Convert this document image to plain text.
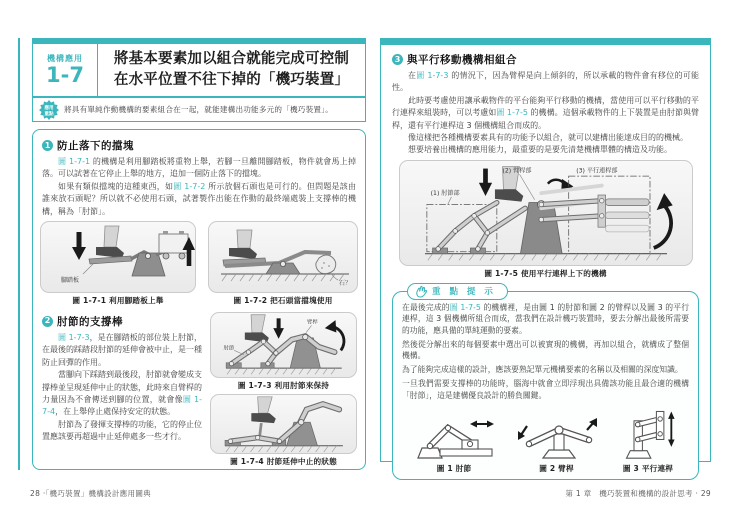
機構應用
1-7
將基本要素加以組合就能完成可控制
在水平位置不往下掉的「機巧裝置」
應用
重點 將具有單純作動機構的要素組合在一起，就能建構出功能多元的「機巧裝置」。
1 防止落下的擋塊

圖 1-7-1 的機構是利用腳踏板將重物上舉，若腳一旦離開腳踏板，物件就會馬上掉落。可以試著在它停止上舉的地方，追加一個防止落下的擋塊。

如果有類似擋塊的這種東西，如圖 1-7-2 所示放個石頭也是可行的。但問題是該由誰來放石頭呢？所以就不必使用石頭，試著製作出能在作動的最終端處裝上支撐棒的機構，稱為「肘節」。

腳踏板
圖 1-7-1 利用腳踏板上舉
石？
圖 1-7-2 把石頭當擋塊使用
2 肘節的支撐棒

圖 1-7-3，是在腳踏板的部位裝上肘節，在最後的踩踏段肘節的延伸會被中止，是一種防止回彈的作用。

當腳向下踩踏到最後段，肘節就會變成支撐棒並呈現延伸中止的狀態，此時來自臂桿的力量因為不會傳送到腳的位置，就會像圖 1-7-4，在上舉停止處保持安定的狀態。

肘節為了發揮支撐棒的功能，它的停止位置應該要再超過中止延伸處多一些才行。

肘節
臂桿
圖 1-7-3 利用肘節來保持
圖 1-7-4 肘節延伸中止的狀態
3 與平行移動機構相組合

在圖 1-7-3 的情況下，因為臂桿是向上傾斜的，所以承載的物件會有移位的可能性。

此時要考慮使用讓承載物件的平台能夠平行移動的機構，當使用可以平行移動的平行連桿來組裝時，可以考慮如圖 1-7-5 的機構。這個承載物件的上下裝置是由肘節與臂桿，還有平行連桿這 3 個機構組合而成的。

像這樣把各種機構要素具有的功能予以組合，就可以建構出能達成目的的機械。

想要培養出機構的應用能力，最重要的是要先清楚機構單體的構造及功能。

(1) 肘節部
(2) 臂桿部	(3) 平行連桿部
圖 1-7-5 使用平行連桿上下的機構
重 點 提 示

在最後完成的圖 1-7-5 的機構裡，是由圖 1 的肘節和圖 2 的臂桿以及圖 3 的平行連桿，這 3 個機構所組合而成，當我們在設計機巧裝置時，要去分解出最後所需要的功能，應具備的單純運動的要素。

然後從分解出來的每個要素中選出可以被實現的機構，再加以組合，就構成了整個機構。

為了能夠完成這樣的設計，應該要熟記單元機構要素的名稱以及相關的深度知識。

一旦我們需要支撐棒的功能時，腦海中就會立即浮現出具備該功能且最合適的機構「肘節」，這是建構優良設計的勝負關鍵。

圖 1 肘節	圖 2 臂桿	圖 3 平行連桿
28 ‧「機巧裝置」機構設計應用圖典	第 1 章　機巧裝置和機構的設計思考 ‧ 29
